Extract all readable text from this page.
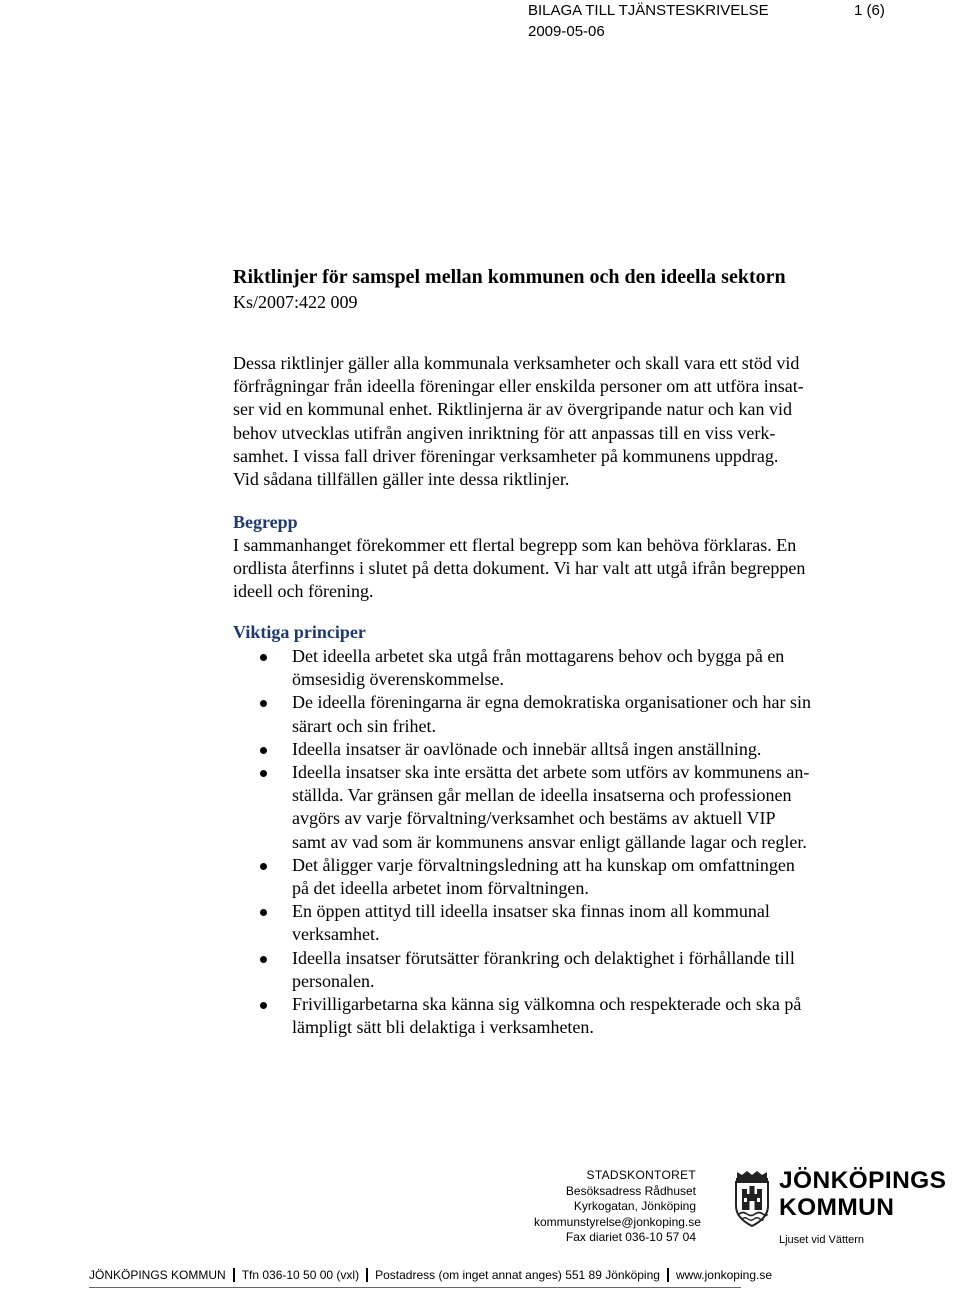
BILAGA TILL TJÄNSTESKRIVELSE
2009-05-06
1 (6)
Riktlinjer för samspel mellan kommunen och den ideella sektorn
Ks/2007:422 009
Dessa riktlinjer gäller alla kommunala verksamheter och skall vara ett stöd vid
förfrågningar från ideella föreningar eller enskilda personer om att utföra insat-
ser vid en kommunal enhet. Riktlinjerna är av övergripande natur och kan vid
behov utvecklas utifrån angiven inriktning för att anpassas till en viss verk-
samhet. I vissa fall driver föreningar verksamheter på kommunens uppdrag.
Vid sådana tillfällen gäller inte dessa riktlinjer.
Begrepp
I sammanhanget förekommer ett flertal begrepp som kan behöva förklaras. En
ordlista återfinns i slutet på detta dokument. Vi har valt att utgå ifrån begreppen
ideell och förening.
Viktiga principer
Det ideella arbetet ska utgå från mottagarens behov och bygga på en
ömsesidig överenskommelse.
De ideella föreningarna är egna demokratiska organisationer och har sin
särart och sin frihet.
Ideella insatser är oavlönade och innebär alltså ingen anställning.
Ideella insatser ska inte ersätta det arbete som utförs av kommunens an-
ställda. Var gränsen går mellan de ideella insatserna och professionen
avgörs av varje förvaltning/verksamhet och bestäms av aktuell VIP
samt av vad som är kommunens ansvar enligt gällande lagar och regler.
Det åligger varje förvaltningsledning att ha kunskap om omfattningen
på det ideella arbetet inom förvaltningen.
En öppen attityd till ideella insatser ska finnas inom all kommunal
verksamhet.
Ideella insatser förutsätter förankring och delaktighet i förhållande till
personalen.
Frivilligarbetarna ska känna sig välkomna och respekterade och ska på
lämpligt sätt bli delaktiga i verksamheten.
STADSKONTORET
Besöksadress Rådhuset
Kyrkogatan, Jönköping
kommunstyrelse@jonkoping.se
Fax diariet 036-10 57 04
JÖNKÖPINGS
KOMMUN
Ljuset vid Vättern
JÖNKÖPINGS KOMMUN Tfn 036-10 50 00 (vxl) Postadress (om inget annat anges) 551 89 Jönköping www.jonkoping.se
